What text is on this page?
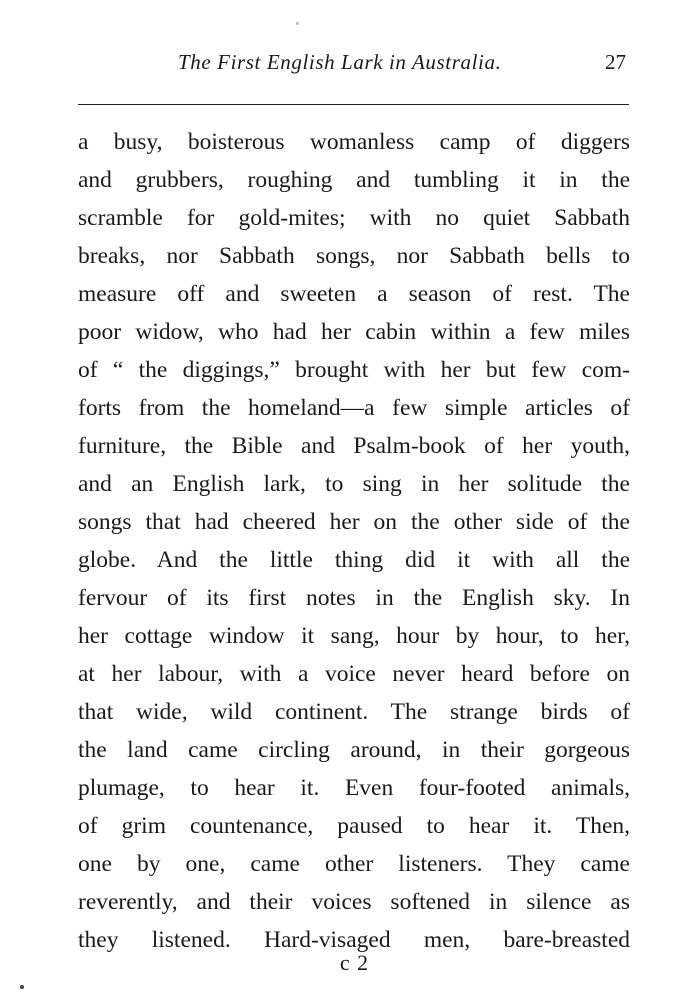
The First English Lark in Australia.	27
a busy, boisterous womanless camp of diggers
and grubbers, roughing and tumbling it in the
scramble for gold-mites; with no quiet Sabbath
breaks, nor Sabbath songs, nor Sabbath bells to
measure off and sweeten a season of rest. The
poor widow, who had her cabin within a few miles
of “ the diggings,” brought with her but few com-
forts from the homeland—a few simple articles of
furniture, the Bible and Psalm-book of her youth,
and an English lark, to sing in her solitude the
songs that had cheered her on the other side of the
globe. And the little thing did it with all the
fervour of its first notes in the English sky. In
her cottage window it sang, hour by hour, to her,
at her labour, with a voice never heard before on
that wide, wild continent. The strange birds of
the land came circling around, in their gorgeous
plumage, to hear it. Even four-footed animals,
of grim countenance, paused to hear it. Then,
one by one, came other listeners. They came
reverently, and their voices softened in silence as
they listened. Hard-visaged men, bare-breasted
c 2
